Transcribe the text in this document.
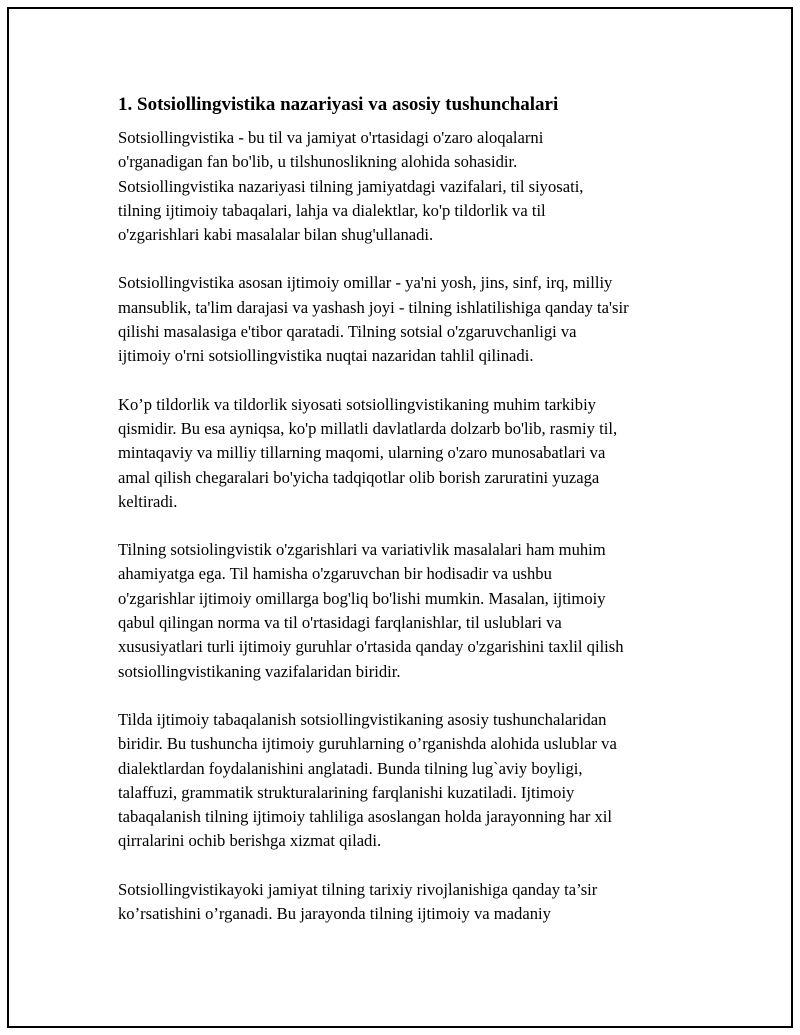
1. Sotsiollingvistika nazariyasi va asosiy tushunchalari

Sotsiollingvistika - bu til va jamiyat o'rtasidagi o'zaro aloqalarni
o'rganadigan fan bo'lib, u tilshunoslikning alohida sohasidir.
Sotsiollingvistika nazariyasi tilning jamiyatdagi vazifalari, til siyosati,
tilning ijtimoiy tabaqalari, lahja va dialektlar, ko'p tildorlik va til
o'zgarishlari kabi masalalar bilan shug'ullanadi.

Sotsiollingvistika asosan ijtimoiy omillar - ya'ni yosh, jins, sinf, irq, milliy
mansublik, ta'lim darajasi va yashash joyi - tilning ishlatilishiga qanday ta'sir
qilishi masalasiga e'tibor qaratadi. Tilning sotsial o'zgaruvchanligi va
ijtimoiy o'rni sotsiollingvistika nuqtai nazaridan tahlil qilinadi.

Ko’p tildorlik va tildorlik siyosati sotsiollingvistikaning muhim tarkibiy
qismidir. Bu esa ayniqsa, ko'p millatli davlatlarda dolzarb bo'lib, rasmiy til,
mintaqaviy va milliy tillarning maqomi, ularning o'zaro munosabatlari va
amal qilish chegaralari bo'yicha tadqiqotlar olib borish zaruratini yuzaga
keltiradi.

Tilning sotsiolingvistik o'zgarishlari va variativlik masalalari ham muhim
ahamiyatga ega. Til hamisha o'zgaruvchan bir hodisadir va ushbu
o'zgarishlar ijtimoiy omillarga bog'liq bo'lishi mumkin. Masalan, ijtimoiy
qabul qilingan norma va til o'rtasidagi farqlanishlar, til uslublari va
xususiyatlari turli ijtimoiy guruhlar o'rtasida qanday o'zgarishini taxlil qilish
sotsiollingvistikaning vazifalaridan biridir.

Tilda ijtimoiy tabaqalanish sotsiollingvistikaning asosiy tushunchalaridan
biridir. Bu tushuncha ijtimoiy guruhlarning o’rganishda alohida uslublar va
dialektlardan foydalanishini anglatadi. Bunda tilning lug`aviy boyligi,
talaffuzi, grammatik strukturalarining farqlanishi kuzatiladi. Ijtimoiy
tabaqalanish tilning ijtimoiy tahliliga asoslangan holda jarayonning har xil
qirralarini ochib berishga xizmat qiladi.

Sotsiollingvistikayoki jamiyat tilning tarixiy rivojlanishiga qanday ta’sir
ko’rsatishini o’rganadi. Bu jarayonda tilning ijtimoiy va madaniy
